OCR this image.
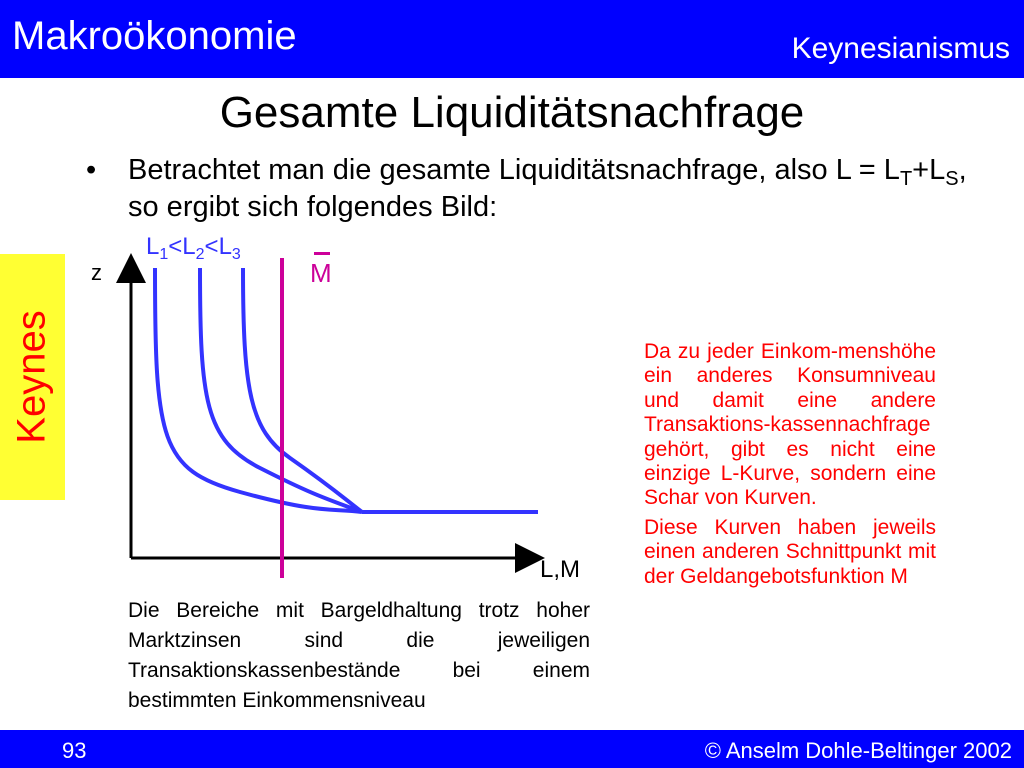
Makroökonomie	Keynesianismus
Gesamte Liquiditätsnachfrage
• Betrachtet man die gesamte Liquiditätsnachfrage, also $L = L_T+L_S$, so ergibt sich folgendes Bild:
Keynes
z
L,M
$L_1<L_2<L_3$
M

Da zu jeder Einkom-menshöhe ein anderes Konsumniveau und damit eine andere Transaktions-kassennachfrage gehört, gibt es nicht eine einzige L-Kurve, sondern eine Schar von Kurven.

Diese Kurven haben jeweils einen anderen Schnittpunkt mit der Geldangebotsfunktion M

Die Bereiche mit Bargeldhaltung trotz hoher Marktzinsen sind die jeweiligen Transaktionskassenbestände bei einem bestimmten Einkommensniveau
93	© Anselm Dohle-Beltinger 2002
